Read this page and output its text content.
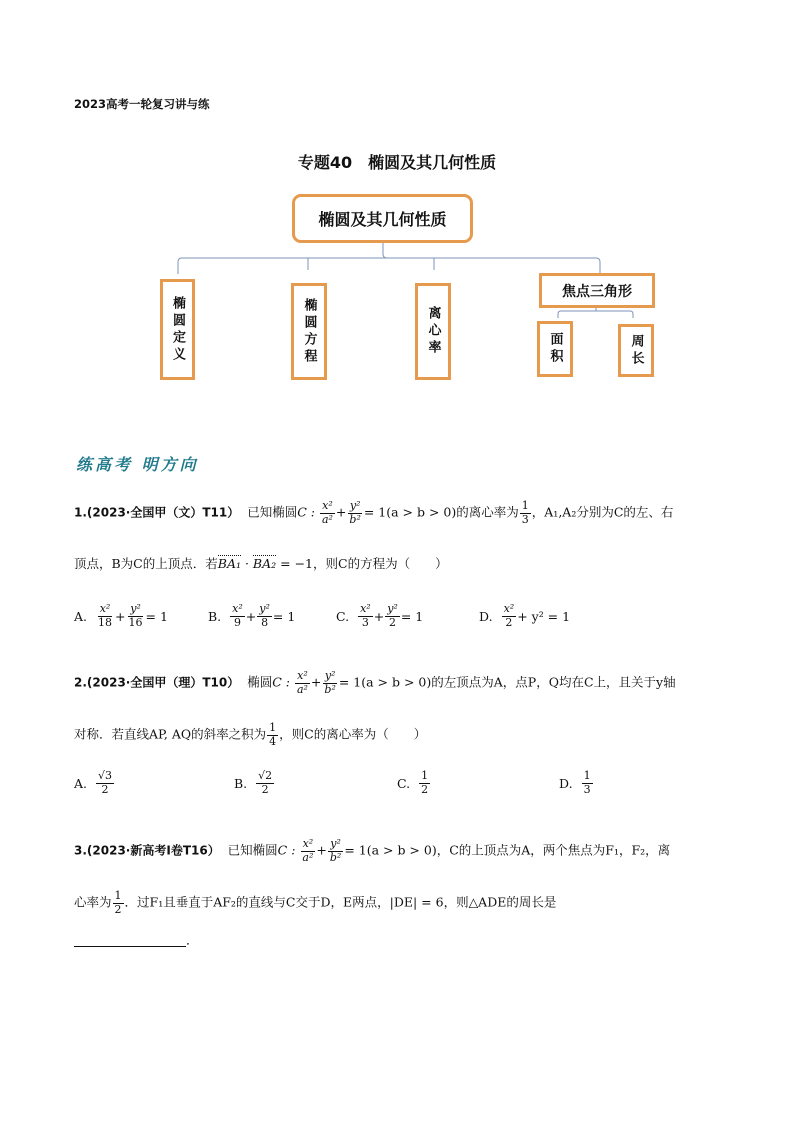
2023高考一轮复习讲与练
专题40　椭圆及其几何性质
椭圆及其几何性质
椭圆定义	椭圆方程	离心率
焦点三角形
面积	周长
练高考 明方向
1.(2023·全国甲（文）T11） 已知椭圆C : $\frac{\text{x²}}{\text{a²}} + \frac{\text{y²}}{\text{b²}} = 1(a > b > 0)$的离心率为 $\frac{1}{3}$ ，A₁,A₂分别为C的左、右
顶点，B为C的上顶点．若BA₁ · BA₂ = −1，则C的方程为（　　）
A. $\frac{\text{x²}}{18} + \frac{\text{y²}}{16} = 1$	B. $\frac{\text{x²}}{9} + \frac{\text{y²}}{8} = 1$	C. $\frac{\text{x²}}{3} + \frac{\text{y²}}{2} = 1$	D. $\frac{\text{x²}}{2} + y^2 = 1$
2.(2023·全国甲（理）T10） 椭圆C : $\frac{\text{x²}}{\text{a²}} + \frac{\text{y²}}{\text{b²}} = 1(a > b > 0)$的左顶点为A，点P，Q均在C上，且关于y轴
对称．若直线AP, AQ的斜率之积为 $\frac{1}{4}$ ，则C的离心率为（　　）
A. $\frac{√3}{2}$	B. $\frac{√2}{2}$	C. $\frac{1}{2}$	D. $\frac{1}{3}$
3.(2023·新高考Ⅰ卷T16） 已知椭圆C : $\frac{\text{x²}}{\text{a²}} + \frac{\text{y²}}{\text{b²}} = 1(a > b > 0)$，C的上顶点为A，两个焦点为F₁，F₂，离
心率为 $\frac{1}{2}$ ．过F₁且垂直于AF₂的直线与C交于D，E两点，|DE| = 6，则△ADE的周长是
．
